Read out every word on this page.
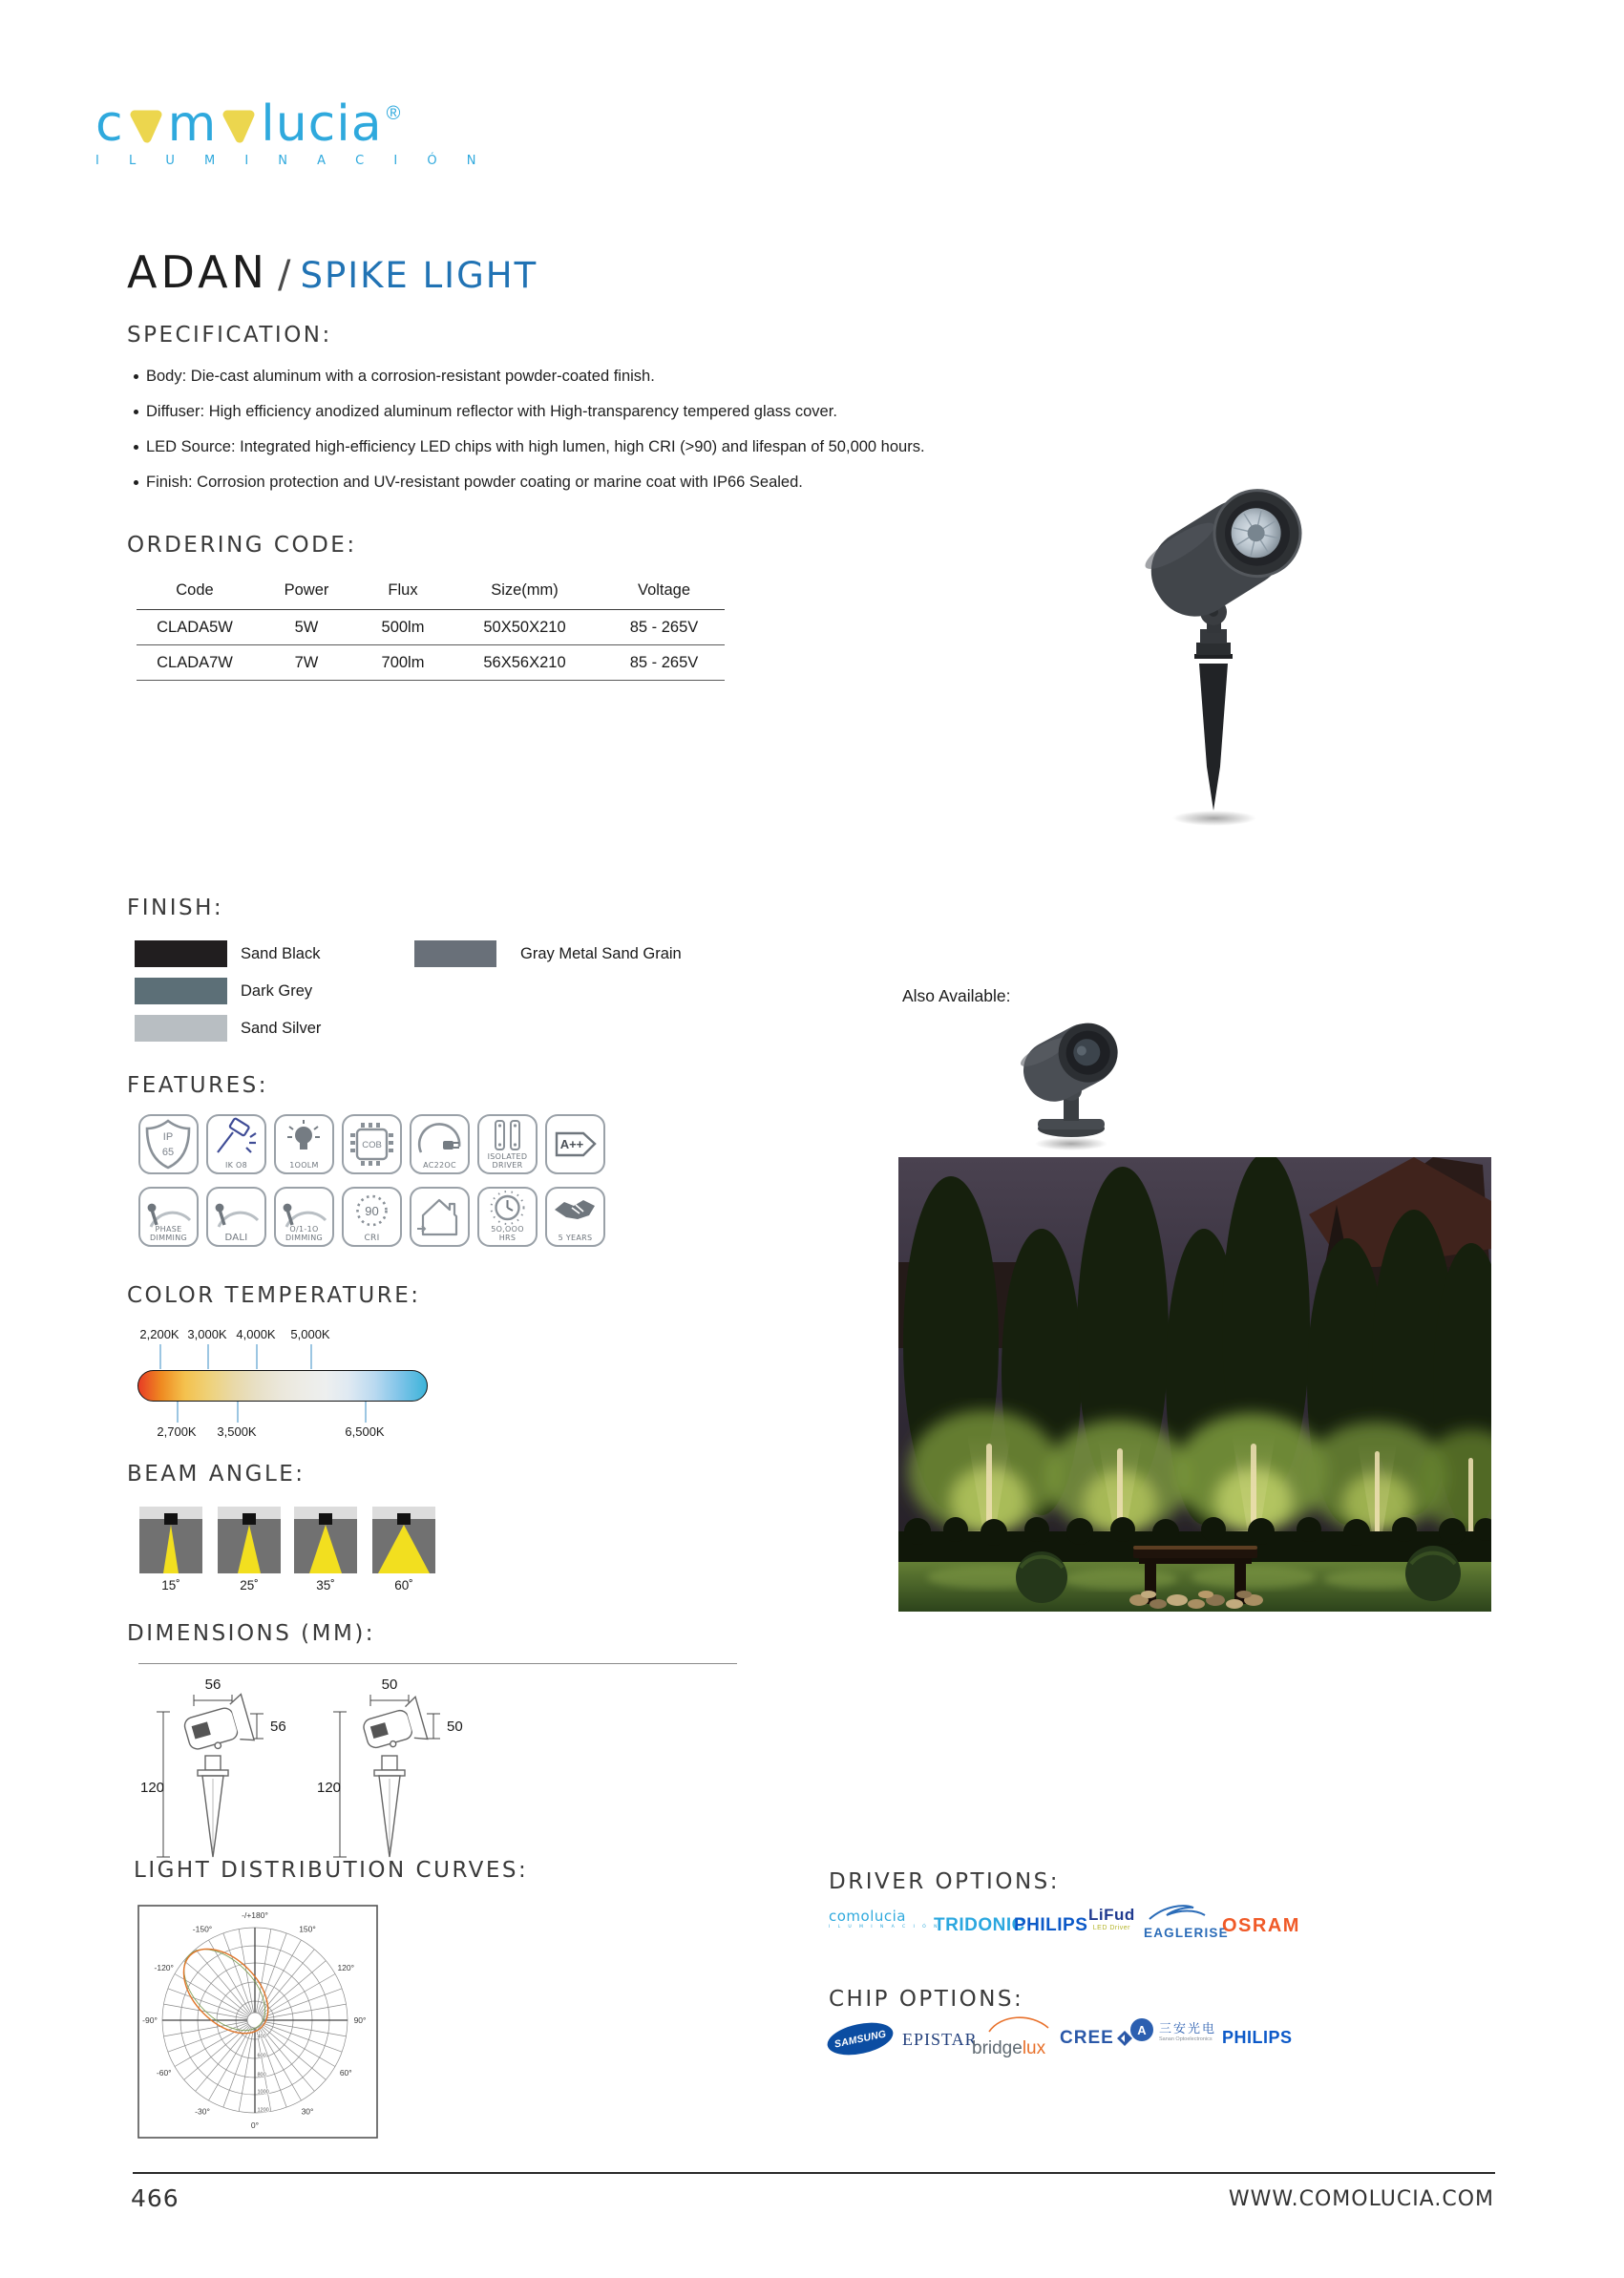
c m lucia ®
I L U M I N A C I Ó N
ADAN / SPIKE LIGHT
SPECIFICATION:
Body: Die-cast aluminum with a corrosion-resistant powder-coated finish.
Diffuser: High efficiency anodized aluminum reflector with High-transparency tempered glass cover.
LED Source: Integrated high-efficiency LED chips with high lumen, high CRI (>90) and lifespan of 50,000 hours.
Finish: Corrosion protection and UV-resistant powder coating or marine coat with IP66 Sealed.
ORDERING CODE:
Code	Power	Flux	Size(mm)	Voltage
CLADA5W	5W	500lm	50X50X210	85 - 265V
CLADA7W	7W	700lm	56X56X210	85 - 265V
FINISH:
Sand Black
Dark Grey
Sand Silver
Gray Metal Sand Grain
Also Available:
FEATURES:
IP
65
IK O8	1OOLM
COB
AC22OC
ISOLATED
DRIVER
A++
PHASE
DIMMING	DALI
O/1-1O
DIMMING
90
CRI
5O,OOO
HRS	5 YEARS
COLOR TEMPERATURE:
2,200K 3,000K 4,000K 5,000K
2,700K 3,500K	6,500K
BEAM ANGLE:
15˚	25˚	35˚	60˚
DIMENSIONS (MM):
56
56
120
50
50
120
LIGHT DISTRIBUTION CURVES:
-/+180°
-150°	150°
-120°	120°
-90°	90°
-60°	60°
-30°	30°
0°
400
600
800
1000
1200
DRIVER OPTIONS:
comolucia
I L U M I N A C I Ó N
TRIDONIC
PHILIPS
LiFud
LED Driver	EAGLERISE
OSRAM
CHIP OPTIONS:
SAMSUNG EPISTAR
bridgelux
CREE A 三安光电
Sanan Optoelectronics PHILIPS
466	WWW.COMOLUCIA.COM
